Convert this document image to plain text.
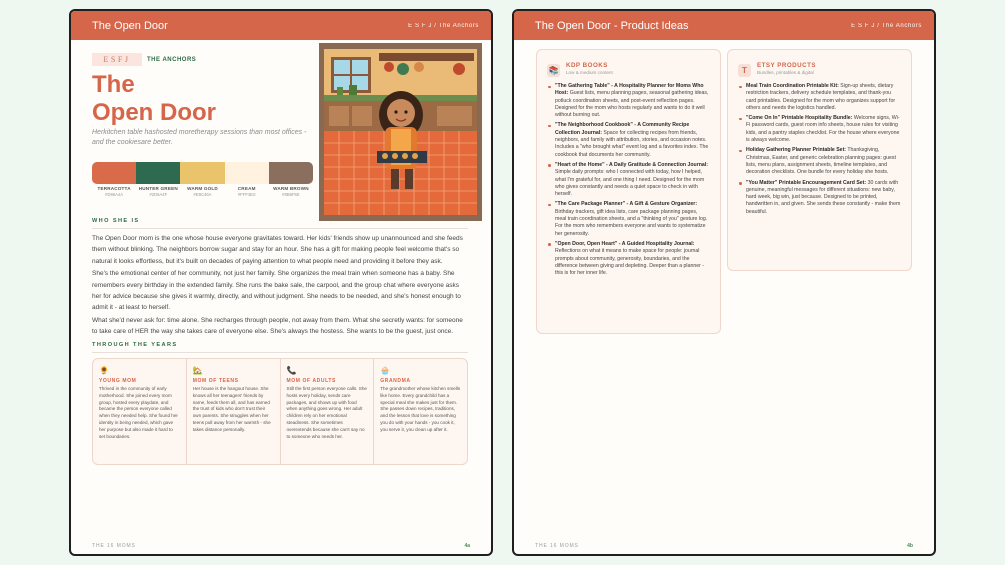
The Open Door	E S F J / The Anchors
ESFJ	THE ANCHORS
The
Open Door
Herkitchen table hashosted moretherapy sessions than most offices - and the cookiesare better.
TERRACOTTA
#D96A4A
HUNTER GREEN
#2D6A4F
WARM GOLD
#E9C46A
CREAM
#FFF3E0
WARM BROWN
#8B6F5E
WHO SHE IS

The Open Door mom is the one whose house everyone gravitates toward. Her kids' friends show up unannounced and she feeds them without blinking. The neighbors borrow sugar and stay for an hour. She has a gift for making people feel welcome that's so natural it looks effortless, but it's built on decades of paying attention to what people need and providing it before they ask.

She's the emotional center of her community, not just her family. She organizes the meal train when someone has a baby. She remembers every birthday in the extended family. She runs the bake sale, the carpool, and the group chat where everyone asks her for advice because she gives it warmly, directly, and without judgment. She needs to be needed, and she's honest enough to admit it - at least to herself.

What she'd never ask for: time alone. She recharges through people, not away from them. What she secretly wants: for someone to take care of HER the way she takes care of everyone else. She's always the hostess. She wants to be the guest, just once.

THROUGH THE YEARS
🌻
YOUNG MOM
Thrived in the community of early motherhood. She joined every mom group, hosted every playdate, and became the person everyone called when they needed help. She found her identity in being needed, which gave her purpose but also made it hard to set boundaries.
🏡
MOM OF TEENS
Her house is the hangout house. She knows all her teenagers' friends by name, feeds them all, and has earned the trust of kids who don't trust their own parents. She struggles when her teens pull away from her warmth - she takes distance personally.
📞
MOM OF ADULTS
Still the first person everyone calls. She hosts every holiday, sends care packages, and shows up with food when anything goes wrong. Her adult children rely on her emotional steadiness. She sometimes overextends because she can't say no to someone who needs her.
🧁
GRANDMA
The grandmother whose kitchen smells like home. Every grandchild has a special meal she makes just for them. She passes down recipes, traditions, and the lesson that love is something you do with your hands - you cook it, you serve it, you clean up after it.
THE 16 MOMS	4a
The Open Door - Product Ideas	E S F J / The Anchors
📚
KDP BOOKS
Low & medium content
"The Gathering Table" - A Hospitality Planner for Moms Who Host: Guest lists, menu planning pages, seasonal gathering ideas, potluck coordination sheets, and post-event reflection pages. Designed for the mom who hosts regularly and wants to do it well without burning out.
"The Neighborhood Cookbook" - A Community Recipe Collection Journal: Space for collecting recipes from friends, neighbors, and family with attribution, stories, and occasion notes. Includes a "who brought what" event log and a favorites index. The cookbook that documents her community.
"Heart of the Home" - A Daily Gratitude & Connection Journal: Simple daily prompts: who I connected with today, how I helped, what I'm grateful for, and one thing I need. Designed for the mom who gives constantly and needs a quiet space to check in with herself.
"The Care Package Planner" - A Gift & Gesture Organizer: Birthday trackers, gift idea lists, care package planning pages, meal train coordination sheets, and a "thinking of you" gesture log. For the mom who remembers everyone and wants to systematize her generosity.
"Open Door, Open Heart" - A Guided Hospitality Journal: Reflections on what it means to make space for people: journal prompts about community, generosity, boundaries, and the difference between giving and depleting. Deeper than a planner - this is for her inner life.
T
ETSY PRODUCTS
Bundles, printables & digital
Meal Train Coordination Printable Kit: Sign-up sheets, dietary restriction trackers, delivery schedule templates, and thank-you card printables. Designed for the mom who organizes support for others and needs the logistics handled.
"Come On In" Printable Hospitality Bundle: Welcome signs, Wi-Fi password cards, guest room info sheets, house rules for visiting kids, and a pantry staples checklist. For the house where everyone is always welcome.
Holiday Gathering Planner Printable Set: Thanksgiving, Christmas, Easter, and generic celebration planning pages: guest lists, menu plans, assignment sheets, timeline templates, and decoration checklists. One bundle for every holiday she hosts.
"You Matter" Printable Encouragement Card Set: 30 cards with genuine, meaningful messages for different situations: new baby, hard week, big win, just because. Designed to be printed, handwritten in, and given. She sends these constantly - make them beautiful.
THE 16 MOMS	4b
